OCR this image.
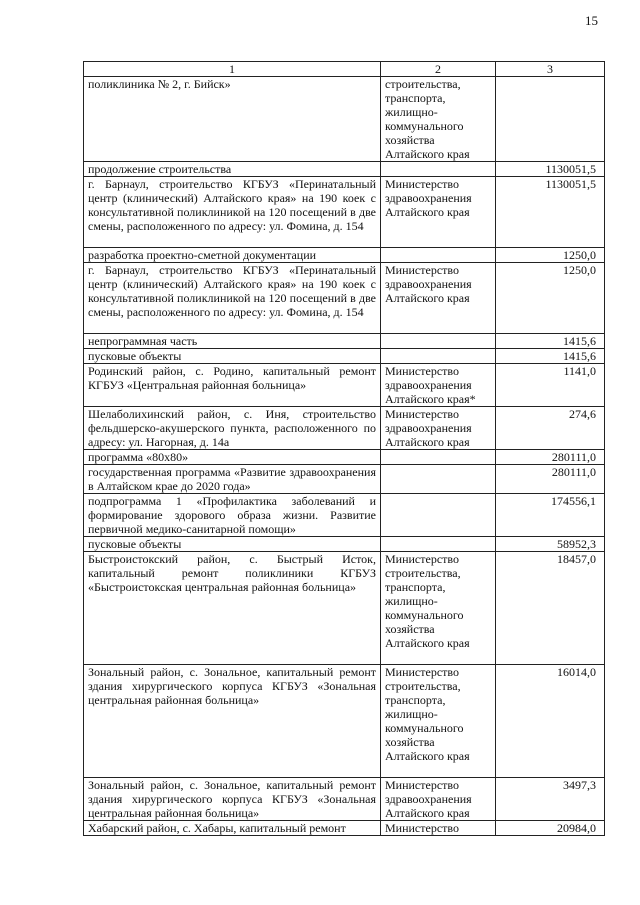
15
1	2	3
поликлиника № 2, г. Бийск»	строительства, транспорта, жилищно-коммунального хозяйства Алтайского края	
продолжение строительства		1130051,5
г. Барнаул, строительство КГБУЗ «Перинатальный центр (клинический) Алтайского края» на 190 коек с консультативной поликлиникой на 120 посещений в две смены, расположенного по адресу: ул. Фомина, д. 154	Министерство здравоохранения Алтайского края	1130051,5
разработка проектно-сметной документации		1250,0
г. Барнаул, строительство КГБУЗ «Перинатальный центр (клинический) Алтайского края» на 190 коек с консультативной поликлиникой на 120 посещений в две смены, расположенного по адресу: ул. Фомина, д. 154	Министерство здравоохранения Алтайского края	1250,0
непрограммная часть		1415,6
пусковые объекты		1415,6
Родинский район, с. Родино, капитальный ремонт КГБУЗ «Центральная районная больница»	Министерство здравоохранения Алтайского края*	1141,0
Шелаболихинский район, с. Иня, строительство фельдшерско-акушерского пункта, расположенного по адресу: ул. Нагорная, д. 14а	Министерство здравоохранения Алтайского края	274,6
программа «80х80»		280111,0
государственная программа «Развитие здравоохранения в Алтайском крае до 2020 года»		280111,0
подпрограмма 1 «Профилактика заболеваний и формирование здорового образа жизни. Развитие первичной медико-санитарной помощи»		174556,1
пусковые объекты		58952,3
Быстроистокский район, с. Быстрый Исток, капитальный ремонт поликлиники КГБУЗ «Быстроистокская центральная районная больница»	Министерство строительства, транспорта, жилищно-коммунального хозяйства Алтайского края	18457,0
Зональный район, с. Зональное, капитальный ремонт здания хирургического корпуса КГБУЗ «Зональная центральная районная больница»	Министерство строительства, транспорта, жилищно-коммунального хозяйства Алтайского края	16014,0
Зональный район, с. Зональное, капитальный ремонт здания хирургического корпуса КГБУЗ «Зональная центральная районная больница»	Министерство здравоохранения Алтайского края	3497,3
Хабарский район, с. Хабары, капитальный ремонт	Министерство	20984,0
